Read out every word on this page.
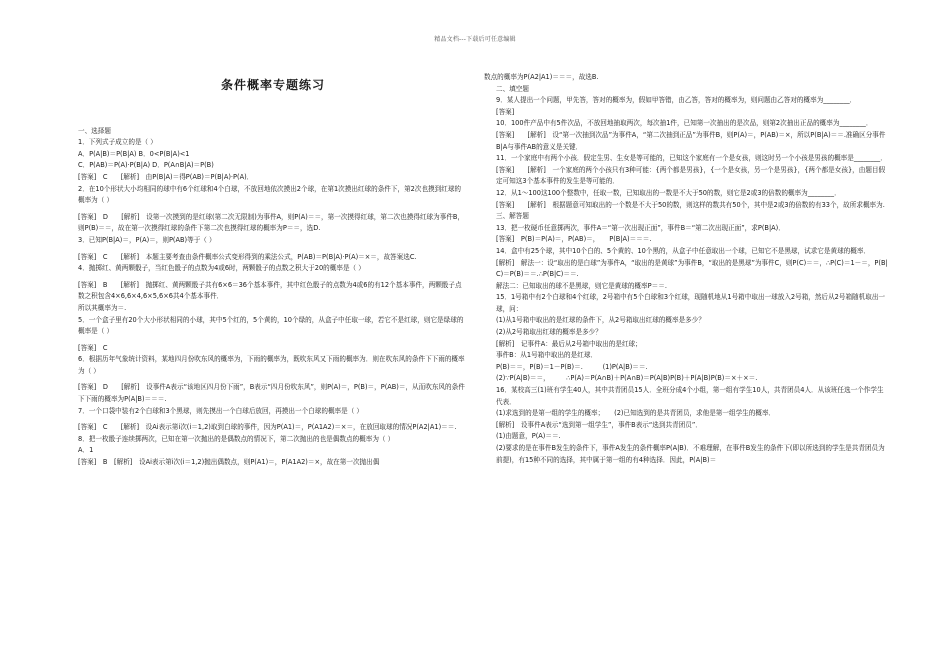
精品文档---下载后可任意编辑
条件概率专题练习
一、选择题
1．下列式子成立的是（ ）
A．P(A|B)＝P(B|A) B．0<P(B|A)<1
C．P(AB)＝P(A)·P(B|A) D．P(A∩B|A)＝P(B)
[答案]　C　　[解析]　由P(B|A)＝得P(AB)＝P(B|A)·P(A)．
2．在10个形状大小均相同的球中有6个红球和4个白球，不放回地依次摸出2个球，在第1次摸出红球的条件下，第2次也摸到红球的概率为（ ）
[答案]　D　　[解析]　设第一次摸到的是红球(第二次无限制)为事件A，则P(A)＝＝，第一次摸得红球，第二次也摸得红球为事件B，则P(B)＝＝，故在第一次摸得红球的条件下第二次也摸得红球的概率为P＝＝，选D.
3．已知P(B|A)＝，P(A)＝，则P(AB)等于（ ）
[答案]　C　　[解析]　本题主要考查由条件概率公式变形得到的乘法公式，P(AB)＝P(B|A)·P(A)＝×＝，故答案选C.
4．抛掷红、黄两颗骰子，当红色骰子的点数为4或6时，两颗骰子的点数之积大于20的概率是（ ）
[答案]　B　　[解析]　抛掷红、黄两颗骰子共有6×6＝36个基本事件，其中红色骰子的点数为4或6的有12个基本事件，两颗骰子点数之积包含4×6,6×4,6×5,6×6共4个基本事件．
所以其概率为＝.
5．一个盒子里有20个大小形状相同的小球，其中5个红的，5个黄的，10个绿的，从盒子中任取一球，若它不是红球，则它是绿球的概率是（ ）
[答案]　C
6．根据历年气象统计资料，某地四月份吹东风的概率为，下雨的概率为，既吹东风又下雨的概率为．则在吹东风的条件下下雨的概率为（ ）
[答案]　D　　[解析]　设事件A表示“该地区四月份下雨”，B表示“四月份吹东风”，则P(A)＝，P(B)＝，P(AB)＝，从而吹东风的条件下下雨的概率为P(A|B)＝＝＝.
7．一个口袋中装有2个白球和3个黑球，则先摸出一个白球后放回，再摸出一个白球的概率是（ ）
[答案]　C　　[解析]　设Ai表示第i次(i＝1,2)取到白球的事件，因为P(A1)＝，P(A1A2)＝×＝，在放回取球的情况P(A2|A1)＝＝.
8．把一枚骰子连续掷两次，已知在第一次抛出的是偶数点的情况下，第二次抛出的也是偶数点的概率为（ ）
A．1
[答案]　B　[解析]　设Ai表示第i次(i＝1,2)抛出偶数点，则P(A1)＝，P(A1A2)＝×，故在第一次抛出偶
数点的概率为P(A2|A1)＝＝＝，故选B.
二、填空题
9．某人提出一个问题，甲先答，答对的概率为，假如甲答错，由乙答，答对的概率为，则问题由乙答对的概率为________．
[答案]
10．100件产品中有5件次品，不放回地抽取两次，每次抽1件，已知第一次抽出的是次品，则第2次抽出正品的概率为________．
[答案]　　[解析]　设“第一次抽到次品”为事件A，“第二次抽到正品”为事件B，则P(A)＝，P(AB)＝×，所以P(B|A)＝＝.准确区分事件B|A与事件AB的意义是关键．
11．一个家庭中有两个小孩．假定生男、生女是等可能的，已知这个家庭有一个是女孩，则这时另一个小孩是男孩的概率是________．
[答案]　　[解析]　一个家庭的两个小孩只有3种可能：{两个都是男孩}，{一个是女孩，另一个是男孩}，{两个都是女孩}，由题目假定可知这3个基本事件的发生是等可能的．
12．从1～100这100个整数中，任取一数，已知取出的一数是不大于50的数，则它是2或3的倍数的概率为________．
[答案]　　[解析]　根据题意可知取出的一个数是不大于50的数，则这样的数共有50个，其中是2或3的倍数的有33个，故所求概率为.
三、解答题
13．把一枚硬币任意掷两次，事件A＝“第一次出现正面”，事件B＝“第二次出现正面”，求P(B|A)．
[答案]　P(B)＝P(A)＝，P(AB)＝，　　P(B|A)＝＝＝.
14．盒中有25个球，其中10个白的、5个黄的、10个黑的，从盒子中任意取出一个球，已知它不是黑球，试求它是黄球的概率．
[解析]　解法一：设“取出的是白球”为事件A，“取出的是黄球”为事件B，“取出的是黑球”为事件C，则P(C)＝＝，∴P(C)＝1－＝，P(B|C)＝P(B)＝＝.∴P(B|C)＝＝.
解法二：已知取出的球不是黑球，则它是黄球的概率P＝＝.
15．1号箱中有2个白球和4个红球，2号箱中有5个白球和3个红球，现随机地从1号箱中取出一球放入2号箱，然后从2号箱随机取出一球，问：
(1)从1号箱中取出的是红球的条件下，从2号箱取出红球的概率是多少？
(2)从2号箱取出红球的概率是多少？
[解析]　记事件A：最后从2号箱中取出的是红球；
事件B：从1号箱中取出的是红球．
P(B)＝＝，P(B)＝1－P(B)＝.　　　(1)P(A|B)＝＝.
(2)∵P(A|B)＝＝，　　　∴P(A)＝P(A∩B)＋P(A∩B)＝P(A|B)P(B)＋P(A|B)P(B)＝×＋×＝.
16．某校高三(1)班有学生40人，其中共青团员15人．全班分成4个小组，第一组有学生10人，共青团员4人．从该班任选一个作学生代表．
(1)求选到的是第一组的学生的概率；　　(2)已知选到的是共青团员，求他是第一组学生的概率．
[解析]　设事件A表示“选到第一组学生”，事件B表示“选到共青团员”．
(1)由题意，P(A)＝＝.
(2)要求的是在事件B发生的条件下，事件A发生的条件概率P(A|B)．不难理解，在事件B发生的条件下(即以所选到的学生是共青团员为前提)，有15种不同的选择，其中属于第一组的有4种选择．因此，P(A|B)＝
